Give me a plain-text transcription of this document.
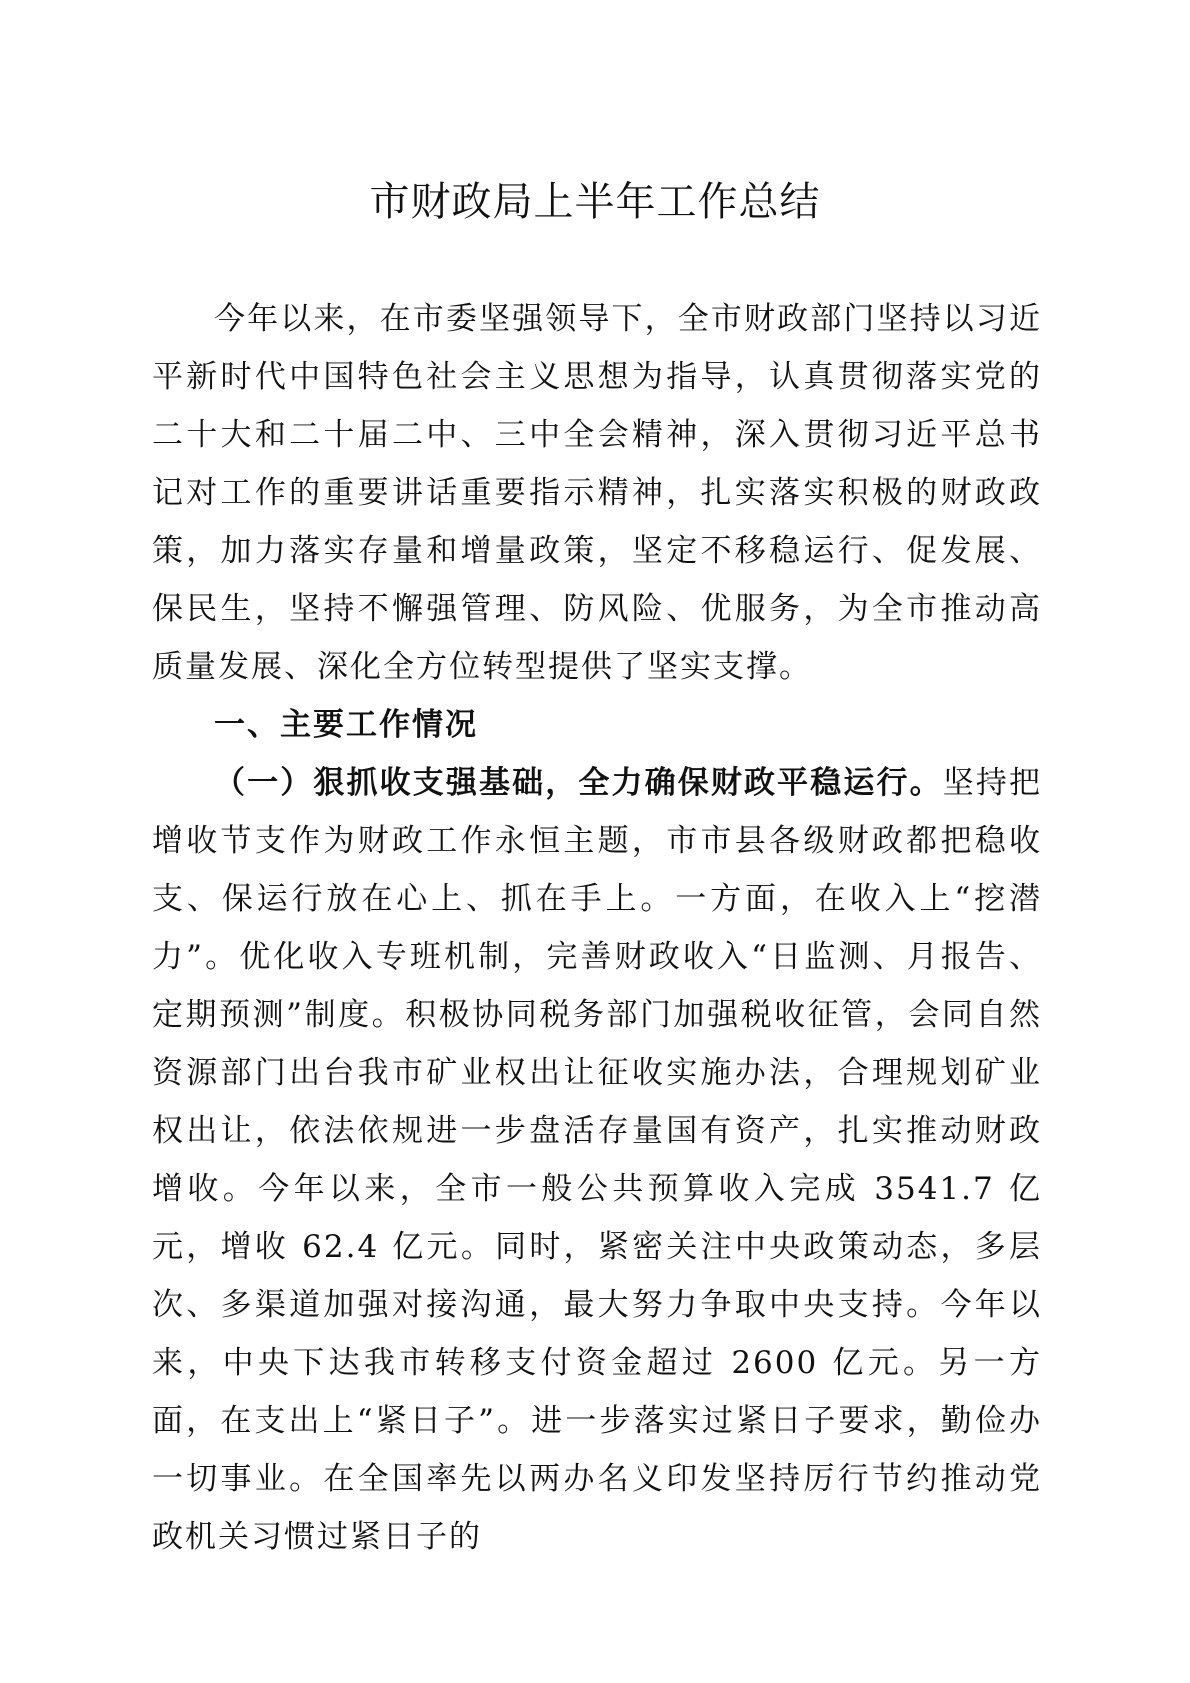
市财政局上半年工作总结

今年以来，在市委坚强领导下，全市财政部门坚持以习近平新时代中国特色社会主义思想为指导，认真贯彻落实党的二十大和二十届二中、三中全会精神，深入贯彻习近平总书记对工作的重要讲话重要指示精神，扎实落实积极的财政政策，加力落实存量和增量政策，坚定不移稳运行、促发展、保民生，坚持不懈强管理、防风险、优服务，为全市推动高质量发展、深化全方位转型提供了坚实支撑。

一、主要工作情况

（一）狠抓收支强基础，全力确保财政平稳运行。坚持把增收节支作为财政工作永恒主题，市市县各级财政都把稳收支、保运行放在心上、抓在手上。一方面，在收入上“挖潜力”。优化收入专班机制，完善财政收入“日监测、月报告、定期预测”制度。积极协同税务部门加强税收征管，会同自然资源部门出台我市矿业权出让征收实施办法，合理规划矿业权出让，依法依规进一步盘活存量国有资产，扎实推动财政增收。今年以来，全市一般公共预算收入完成 3541.7 亿元，增收 62.4 亿元。同时，紧密关注中央政策动态，多层次、多渠道加强对接沟通，最大努力争取中央支持。今年以来，中央下达我市转移支付资金超过 2600 亿元。另一方面，在支出上“紧日子”。进一步落实过紧日子要求，勤俭办一切事业。在全国率先以两办名义印发坚持厉行节约推动党政机关习惯过紧日子的
